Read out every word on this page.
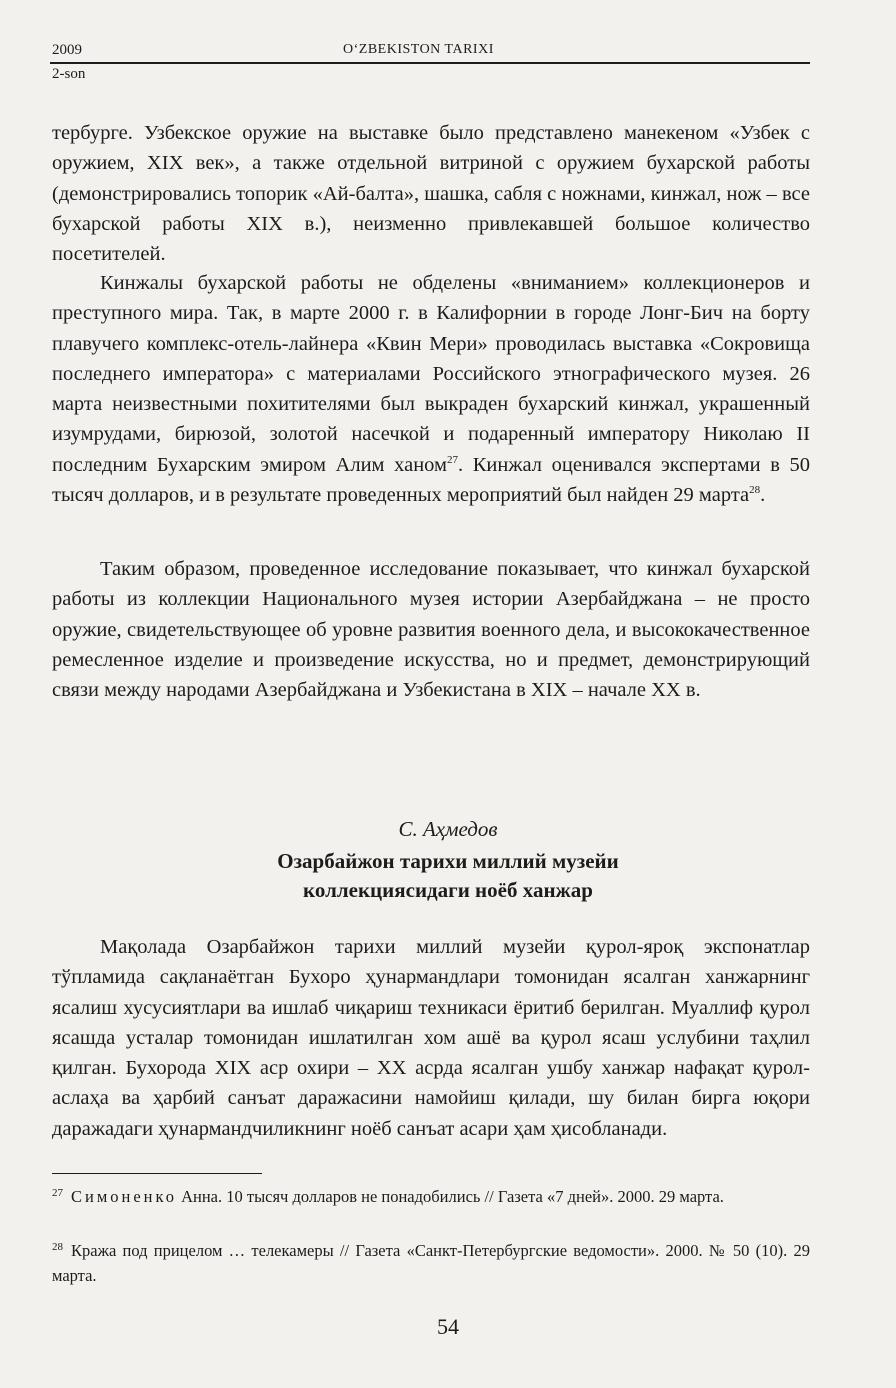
2009	O‘ZBEKISTON TARIXI
2-son

тербурге. Узбекское оружие на выставке было представлено манекеном «Узбек с оружием, XIX век», а также отдельной витриной с оружием бухарской работы (демонстрировались топорик «Ай-балта», шашка, сабля с ножнами, кинжал, нож – все бухарской работы XIX в.), неизменно привлекавшей большое количество посетителей.

Кинжалы бухарской работы не обделены «вниманием» коллекционеров и преступного мира. Так, в марте 2000 г. в Калифорнии в городе Лонг-Бич на борту плавучего комплекс-отель-лайнера «Квин Мери» проводилась выставка «Сокровища последнего императора» с материалами Российского этнографического музея. 26 марта неизвестными похитителями был выкраден бухарский кинжал, украшенный изумрудами, бирюзой, золотой насечкой и подаренный императору Николаю II последним Бухарским эмиром Алим ханом$^{27}$. Кинжал оценивался экспертами в 50 тысяч долларов, и в результате проведенных мероприятий был найден 29 марта$^{28}$.

Таким образом, проведенное исследование показывает, что кинжал бухарской работы из коллекции Национального музея истории Азербайджана – не просто оружие, свидетельствующее об уровне развития военного дела, и высококачественное ремесленное изделие и произведение искусства, но и предмет, демонстрирующий связи между народами Азербайджана и Узбекистана в XIX – начале XX в.

С. Аҳмедов
Озарбайжон тарихи миллий музейи
коллекциясидаги ноёб ханжар

Мақолада Озарбайжон тарихи миллий музейи қурол-яроқ экспонатлар тўпламида сақланаётган Бухоро ҳунармандлари томонидан ясалган ханжарнинг ясалиш хусусиятлари ва ишлаб чиқариш техникаси ёритиб берилган. Муаллиф қурол ясашда усталар томонидан ишлатилган хом ашё ва қурол ясаш услубини таҳлил қилган. Бухорода XIX аср охири – XX асрда ясалган ушбу ханжар нафақат қурол-аслаҳа ва ҳарбий санъат даражасини намойиш қилади, шу билан бирга юқори даражадаги ҳунармандчиликнинг ноёб санъат асари ҳам ҳисобланади.

$^{27}$ Симоненко Анна. 10 тысяч долларов не понадобились // Газета «7 дней». 2000. 29 марта.

$^{28}$ Кража под прицелом … телекамеры // Газета «Санкт-Петербургские ведомости». 2000. № 50 (10). 29 марта.

54
